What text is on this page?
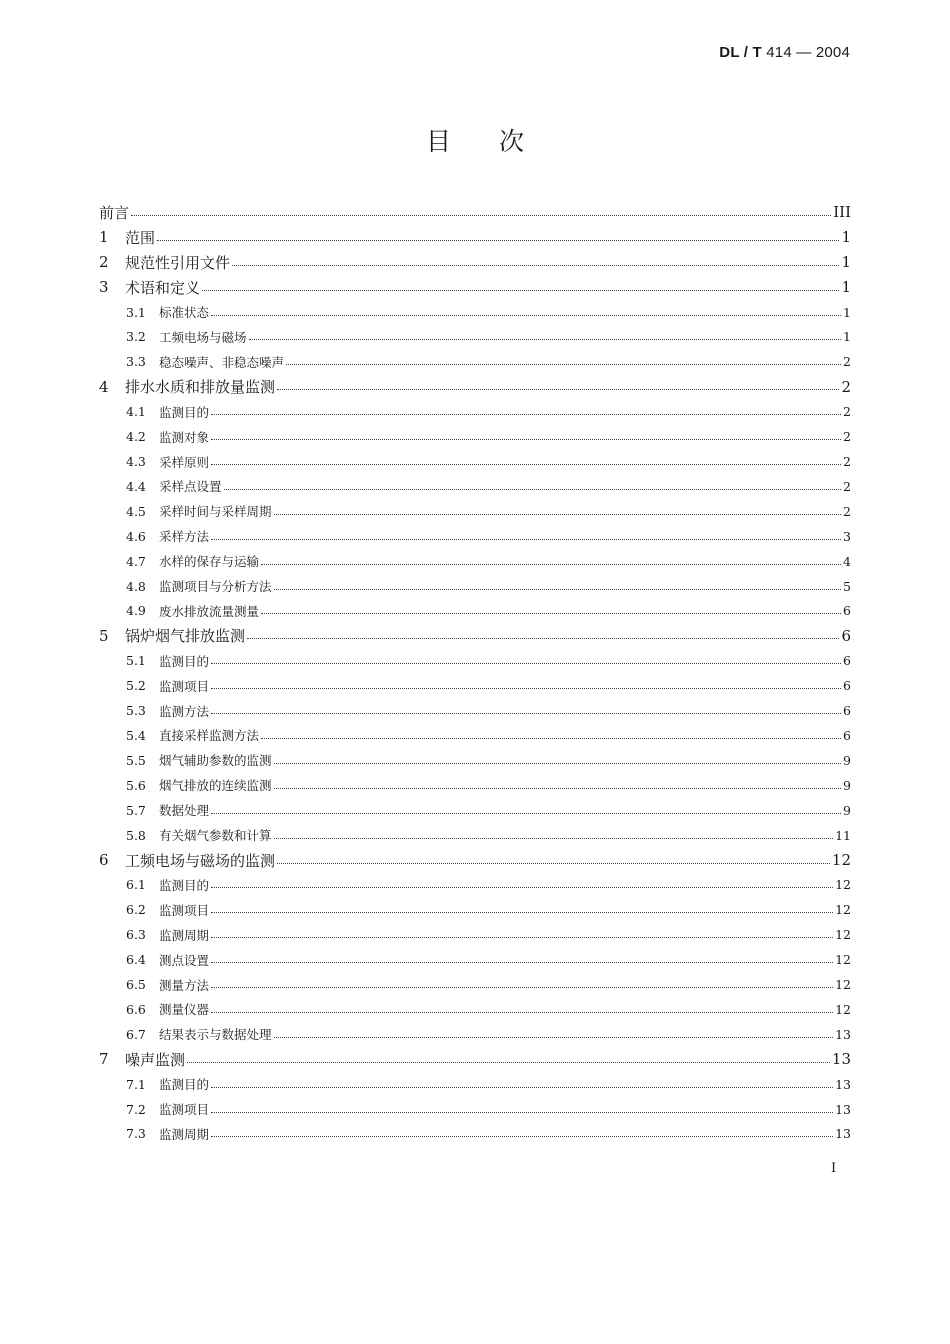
DL / T 414 — 2004
目次
前言	III
1	范围	1
2	规范性引用文件	1
3	术语和定义	1
3.1	标准状态	1
3.2	工频电场与磁场	1
3.3	稳态噪声、非稳态噪声	2
4	排水水质和排放量监测	2
4.1	监测目的	2
4.2	监测对象	2
4.3	采样原则	2
4.4	采样点设置	2
4.5	采样时间与采样周期	2
4.6	采样方法	3
4.7	水样的保存与运输	4
4.8	监测项目与分析方法	5
4.9	废水排放流量测量	6
5	锅炉烟气排放监测	6
5.1	监测目的	6
5.2	监测项目	6
5.3	监测方法	6
5.4	直接采样监测方法	6
5.5	烟气辅助参数的监测	9
5.6	烟气排放的连续监测	9
5.7	数据处理	9
5.8	有关烟气参数和计算	11
6	工频电场与磁场的监测	12
6.1	监测目的	12
6.2	监测项目	12
6.3	监测周期	12
6.4	测点设置	12
6.5	测量方法	12
6.6	测量仪器	12
6.7	结果表示与数据处理	13
7	噪声监测	13
7.1	监测目的	13
7.2	监测项目	13
7.3	监测周期	13
I
